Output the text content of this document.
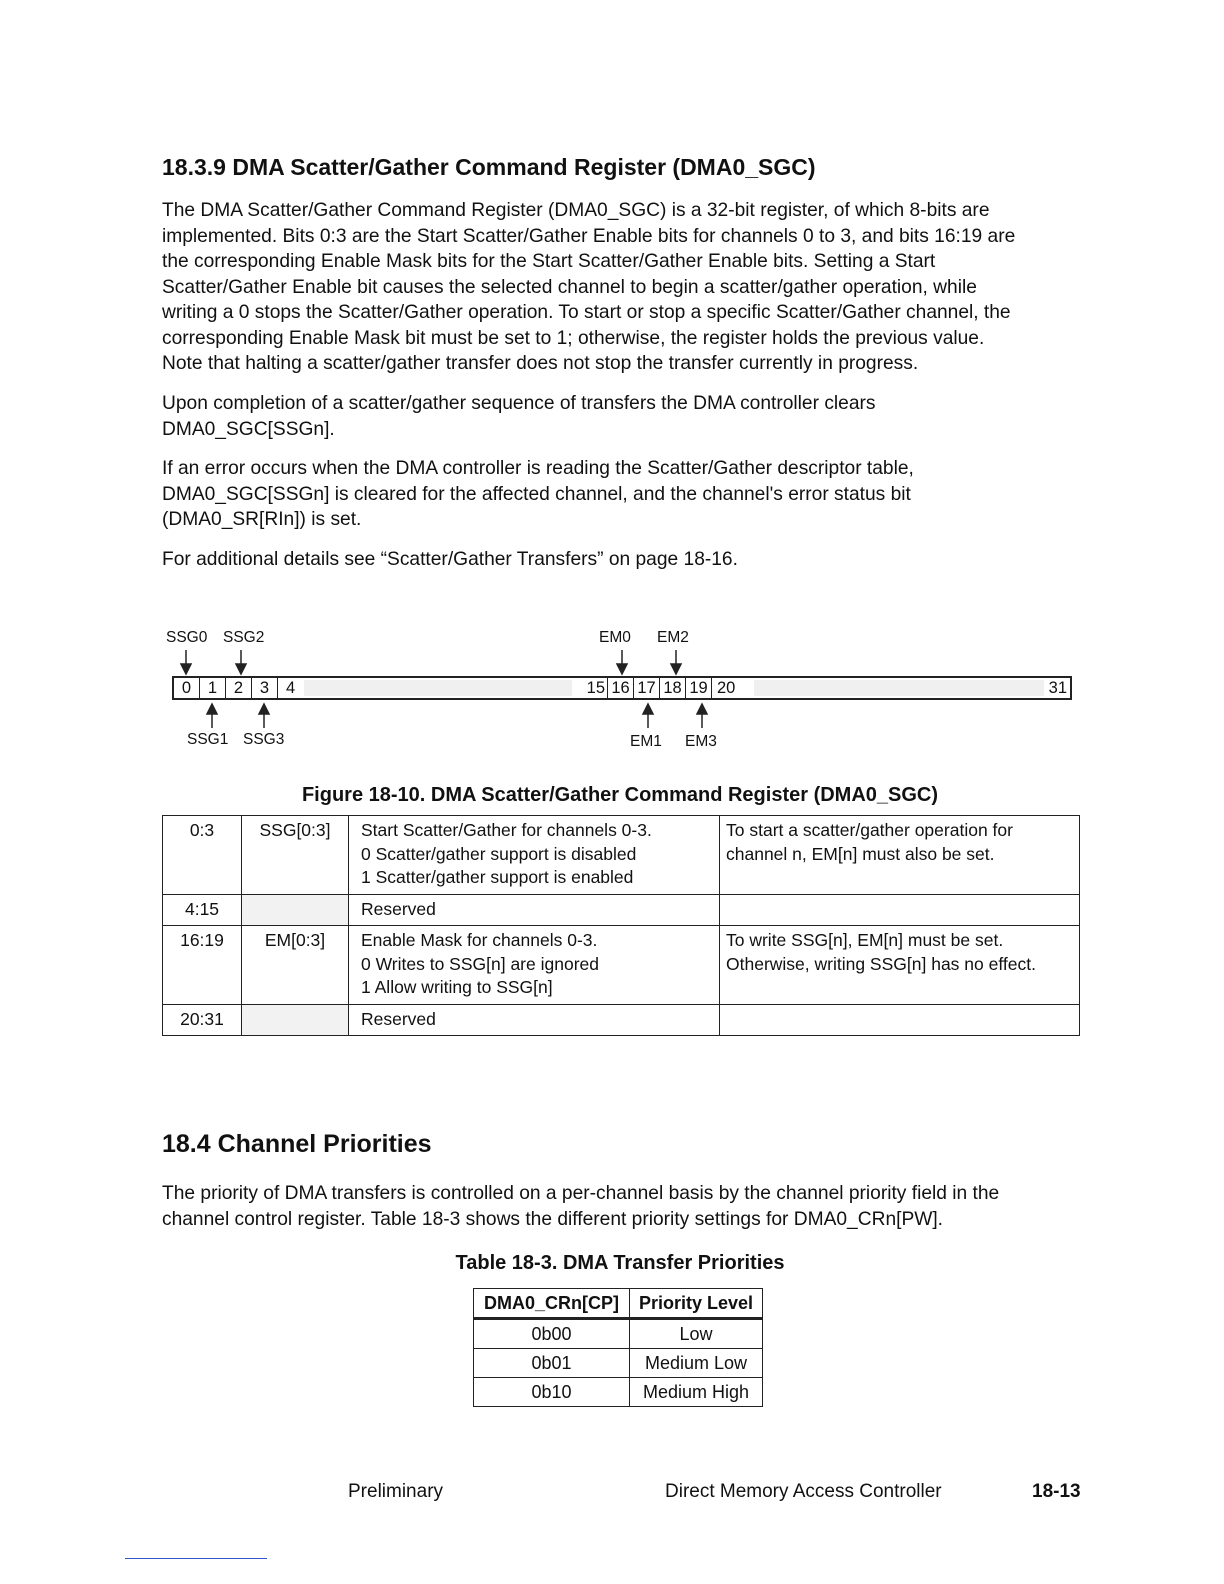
18.3.9 DMA Scatter/Gather Command Register (DMA0_SGC)
The DMA Scatter/Gather Command Register (DMA0_SGC) is a 32-bit register, of which 8-bits are
implemented. Bits 0:3 are the Start Scatter/Gather Enable bits for channels 0 to 3, and bits 16:19 are
the corresponding Enable Mask bits for the Start Scatter/Gather Enable bits. Setting a Start
Scatter/Gather Enable bit causes the selected channel to begin a scatter/gather operation, while
writing a 0 stops the Scatter/Gather operation. To start or stop a specific Scatter/Gather channel, the
corresponding Enable Mask bit must be set to 1; otherwise, the register holds the previous value.
Note that halting a scatter/gather transfer does not stop the transfer currently in progress.
Upon completion of a scatter/gather sequence of transfers the DMA controller clears
DMA0_SGC[SSGn].
If an error occurs when the DMA controller is reading the Scatter/Gather descriptor table,
DMA0_SGC[SSGn] is cleared for the affected channel, and the channel's error status bit
(DMA0_SR[RIn]) is set.
For additional details see “Scatter/Gather Transfers” on page 18-16.
SSG0 SSG2	EM0 EM2
0	1	2	3	4	15 16 17 18 19 20	31
SSG1 SSG3	EM1 EM3

Figure 18-10. DMA Scatter/Gather Command Register (DMA0_SGC)

0:3	SSG[0:3]	Start Scatter/Gather for channels 0-3.
0 Scatter/gather support is disabled
1 Scatter/gather support is enabled	To start a scatter/gather operation for
channel n, EM[n] must also be set.

4:15		Reserved	

16:19	EM[0:3]	Enable Mask for channels 0-3.
0 Writes to SSG[n] are ignored
1 Allow writing to SSG[n]	To write SSG[n], EM[n] must be set.
Otherwise, writing SSG[n] has no effect.

20:31		Reserved	

18.4 Channel Priorities
The priority of DMA transfers is controlled on a per-channel basis by the channel priority field in the
channel control register. Table 18-3 shows the different priority settings for DMA0_CRn[PW].

Table 18-3. DMA Transfer Priorities

DMA0_CRn[CP]	Priority Level
0b00	Low
0b01	Medium Low
0b10	Medium High
Preliminary	Direct Memory Access Controller	18-13
